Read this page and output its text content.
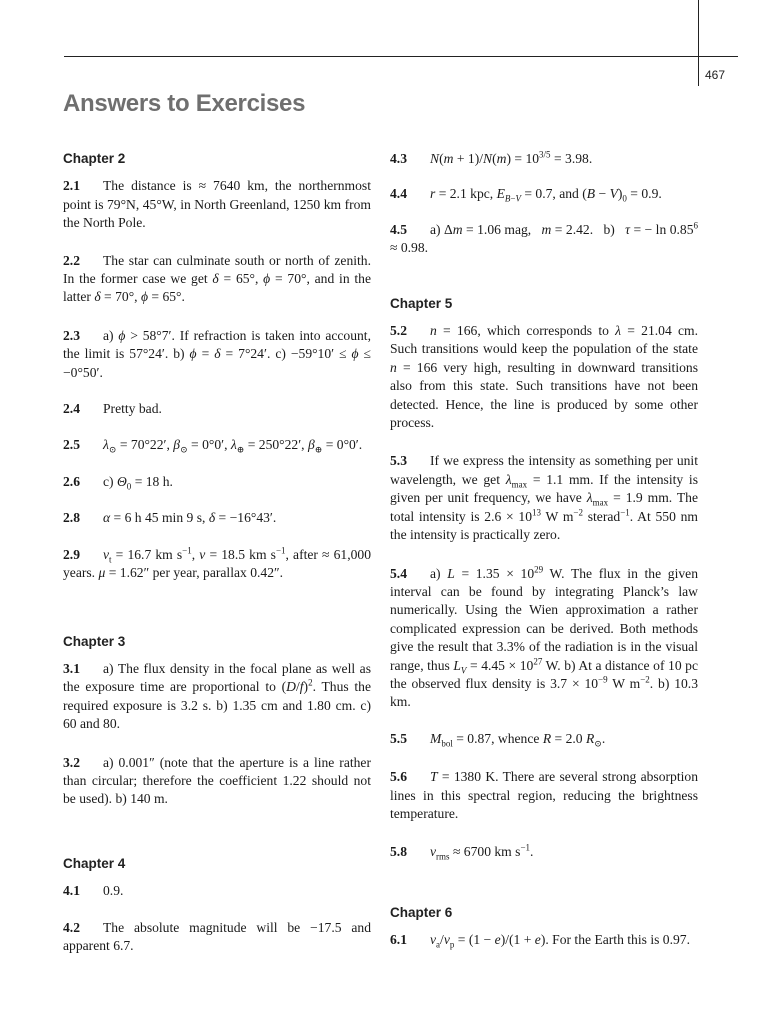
467
Answers to Exercises
Chapter 2

2.1 The distance is ≈ 7640 km, the northernmost point is 79°N, 45°W, in North Greenland, 1250 km from the North Pole.

2.2 The star can culminate south or north of zenith. In the former case we get δ = 65°, ϕ = 70°, and in the latter δ = 70°, ϕ = 65°.

2.3 a) ϕ > 58°7′. If refraction is taken into account, the limit is 57°24′. b) ϕ = δ = 7°24′. c) −59°10′ ≤ ϕ ≤ −0°50′.

2.4 Pretty bad.

2.5 $\lambda_⊙ = 70^\circ 22'$, $\beta_⊙ = 0^\circ 0'$, $\lambda_\oplus = 250^\circ 22'$, $\beta_\oplus = 0^\circ 0'$.

2.6 c) $\Theta_0 = 18$ h.

2.8 α = 6 h 45 min 9 s, δ = −16°43′.

2.9 $v_t = 16.7$ km $s^{-1}$, v = 18.5 km $s^{-1}$, after ≈ 61,000 years. μ = 1.62″ per year, parallax 0.42″.

Chapter 3

3.1 a) The flux density in the focal plane as well as the exposure time are proportional to $(D/f)^2$. Thus the required exposure is 3.2 s. b) 1.35 cm and 1.80 cm. c) 60 and 80.

3.2 a) 0.001″ (note that the aperture is a line rather than circular; therefore the coefficient 1.22 should not be used). b) 140 m.

Chapter 4

4.1 0.9.

4.2 The absolute magnitude will be −17.5 and apparent 6.7.

4.3 $N(m + 1)/N(m) = 10^{3/5} = 3.98$.

4.4 r = 2.1 kpc, $E_{B-V} = 0.7$, and $(B - V)_0 = 0.9$.

4.5 a) Δm = 1.06 mag,   m = 2.42.   b)   τ = − $\ln 0.85^6 \approx 0.98$.

Chapter 5

5.2 n = 166, which corresponds to λ = 21.04 cm. Such transitions would keep the population of the state n = 166 very high, resulting in downward transitions also from this state. Such transitions have not been detected. Hence, the line is produced by some other process.

5.3 If we express the intensity as something per unit wavelength, we get $\lambda_{max} = 1.1$ mm. If the intensity is given per unit frequency, we have $\lambda_{max} = 1.9$ mm. The total intensity is $2.6 \times 10^{13}$ W $m^{-2}$ sterad$^{-1}$. At 550 nm the intensity is practically zero.

5.4 a) $L = 1.35 \times 10^{29}$ W. The flux in the given interval can be found by integrating Planck’s law numerically. Using the Wien approximation a rather complicated expression can be derived. Both methods give the result that 3.3% of the radiation is in the visual range, thus $L_V = 4.45 \times 10^{27}$ W. b) At a distance of 10 pc the observed flux density is $3.7 \times 10^{-9}$ W $m^{-2}$. b) 10.3 km.

5.5 $M_{bol} = 0.87$, whence R = 2.0 $R_⊙$.

5.6 T = 1380 K. There are several strong absorption lines in this spectral region, reducing the brightness temperature.

5.8 $v_{rms} \approx 6700$ km $s^{-1}$.

Chapter 6

6.1 $v_a/v_p = (1 - e)/(1 + e)$. For the Earth this is 0.97.
